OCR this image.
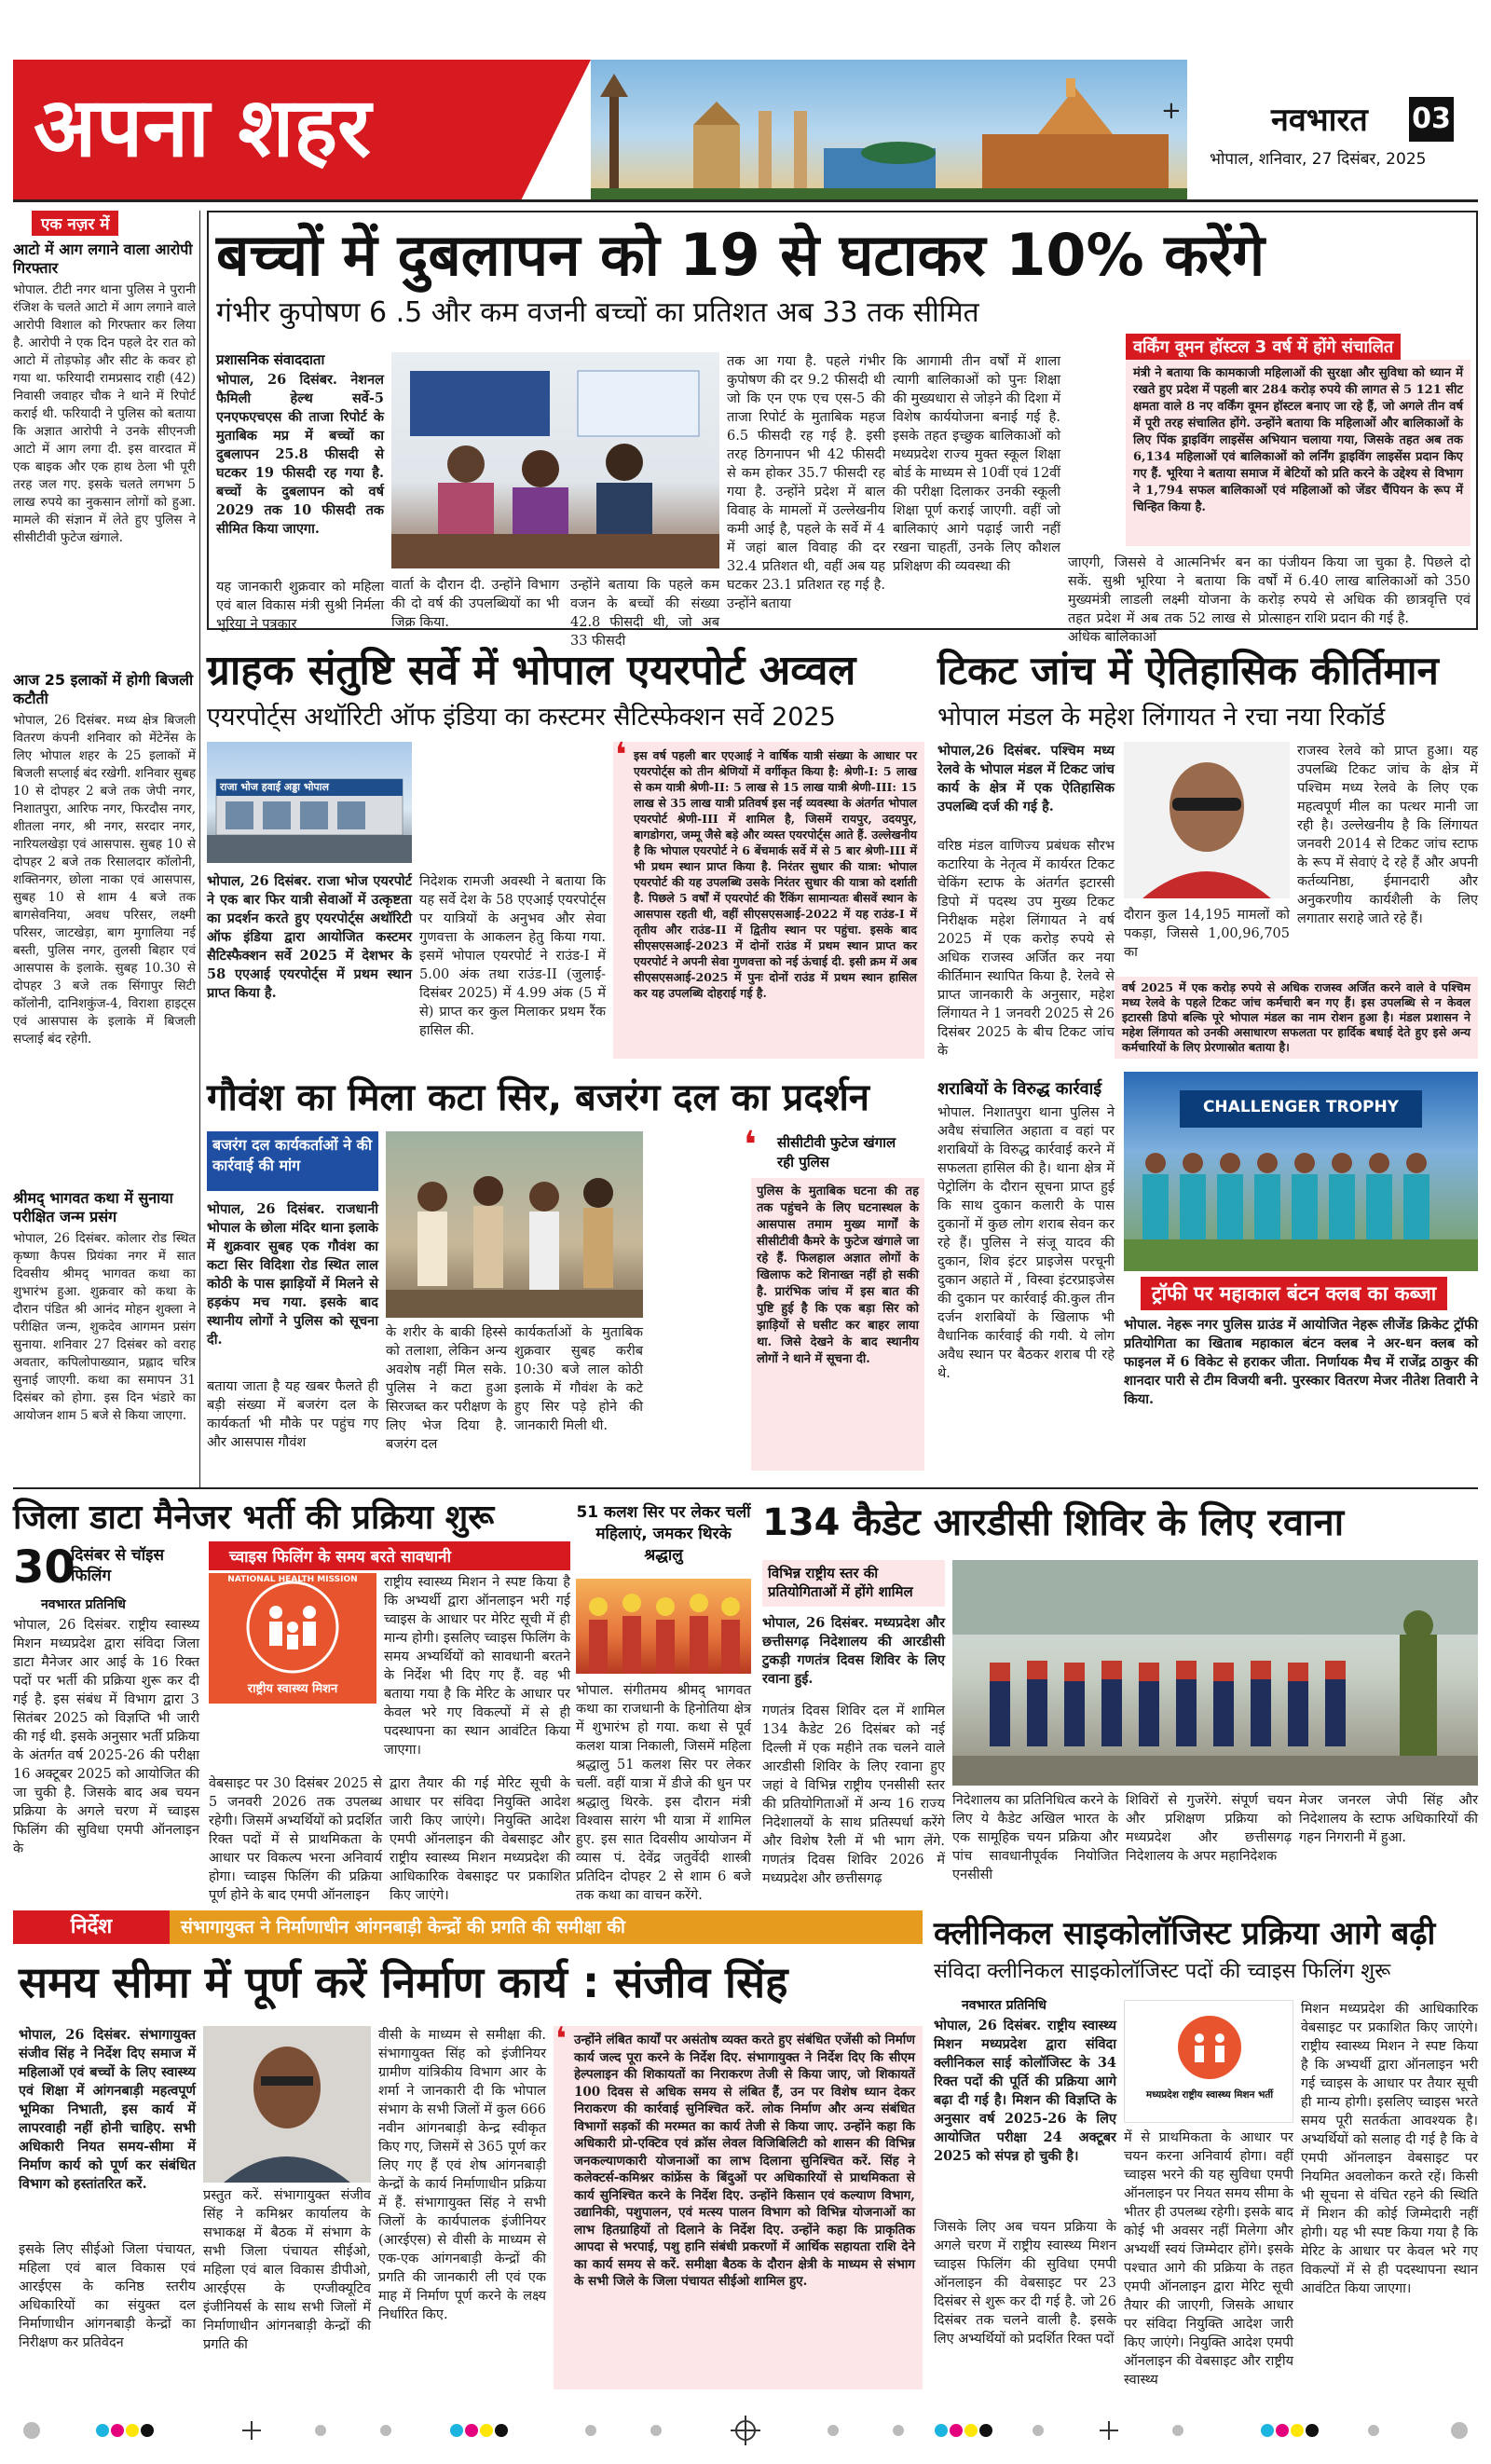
अपना शहर	+	नवभारत 03
भोपाल, शनिवार, 27 दिसंबर, 2025
एक नज़र में
आटो में आग लगाने वाला आरोपी गिरफ्तार
भोपाल. टीटी नगर थाना पुलिस ने पुरानी रंजिश के चलते आटो में आग लगाने वाले आरोपी विशाल को गिरफ्तार कर लिया है. आरोपी ने एक दिन पहले देर रात को आटो में तोड़फोड़ और सीट के कवर हो गया था. फरियादी रामप्रसाद राही (42) निवासी जवाहर चौक ने थाने में रिपोर्ट कराई थी. फरियादी ने पुलिस को बताया कि अज्ञात आरोपी ने उनके सीएनजी आटो में आग लगा दी. इस वारदात में एक बाइक और एक हाथ ठेला भी पूरी तरह जल गए. इसके चलते लगभग 5 लाख रुपये का नुकसान लोगों को हुआ. मामले की संज्ञान में लेते हुए पुलिस ने सीसीटीवी फुटेज खंगाले.
आज 25 इलाकों में होगी बिजली कटौती
भोपाल, 26 दिसंबर. मध्य क्षेत्र बिजली वितरण कंपनी शनिवार को मेंटेनेंस के लिए भोपाल शहर के 25 इलाकों में बिजली सप्लाई बंद रखेगी. शनिवार सुबह 10 से दोपहर 2 बजे तक जेपी नगर, निशातपुरा, आरिफ नगर, फिरदौस नगर, शीतला नगर, श्री नगर, सरदार नगर, नारियलखेड़ा एवं आसपास. सुबह 10 से दोपहर 2 बजे तक रिसालदार कॉलोनी, शक्तिनगर, छोला नाका एवं आसपास, सुबह 10 से शाम 4 बजे तक बागसेवनिया, अवध परिसर, लक्ष्मी परिसर, जाटखेड़ा, बाग मुगालिया नई बस्ती, पुलिस नगर, तुलसी बिहार एवं आसपास के इलाके. सुबह 10.30 से दोपहर 3 बजे तक सिंगापुर सिटी कॉलोनी, दानिशकुंज-4, विराशा हाइट्स एवं आसपास के इलाके में बिजली सप्लाई बंद रहेगी.
श्रीमद् भागवत कथा में सुनाया परीक्षित जन्म प्रसंग
भोपाल, 26 दिसंबर. कोलार रोड स्थित कृष्णा कैपस प्रियंका नगर में सात दिवसीय श्रीमद् भागवत कथा का शुभारंभ हुआ. शुक्रवार को कथा के दौरान पंडित श्री आनंद मोहन शुक्ला ने परीक्षित जन्म, शुकदेव आगमन प्रसंग सुनाया. शनिवार 27 दिसंबर को वराह अवतार, कपिलोपाख्यान, प्रह्लाद चरित्र सुनाई जाएगी. कथा का समापन 31 दिसंबर को होगा. इस दिन भंडारे का आयोजन शाम 5 बजे से किया जाएगा.
बच्चों में दुबलापन को 19 से घटाकर 10% करेंगे
गंभीर कुपोषण 6 .5 और कम वजनी बच्चों का प्रतिशत अब 33 तक सीमित
प्रशासनिक संवाददाता
भोपाल, 26 दिसंबर. नेशनल फैमिली हेल्थ सर्वे-5 एनएफएचएस की ताजा रिपोर्ट के मुताबिक मप्र में बच्चों का दुबलापन 25.8 फीसदी से घटकर 19 फीसदी रह गया है. बच्चों के दुबलापन को वर्ष 2029 तक 10 फीसदी तक सीमित किया जाएगा.
यह जानकारी शुक्रवार को महिला एवं बाल विकास मंत्री सुश्री निर्मला भूरिया ने पत्रकार
वार्ता के दौरान दी. उन्होंने विभाग की दो वर्ष की उपलब्धियों का भी जिक्र किया.
उन्होंने बताया कि पहले कम वजन के बच्चों की संख्या 42.8 फीसदी थी, जो अब 33 फीसदी
तक आ गया है. पहले गंभीर कुपोषण की दर 9.2 फीसदी थी जो कि एन एफ एच एस-5 की ताजा रिपोर्ट के मुताबिक महज 6.5 फीसदी रह गई है. इसी तरह ठिगनापन भी 42 फीसदी से कम होकर 35.7 फीसदी रह गया है. उन्होंने प्रदेश में बाल विवाह के मामलों में उल्लेखनीय कमी आई है, पहले के सर्वे में 4 में जहां बाल विवाह की दर 32.4 प्रतिशत थी, वहीं अब यह घटकर 23.1 प्रतिशत रह गई है. उन्होंने बताया
कि आगामी तीन वर्षों में शाला त्यागी बालिकाओं को पुनः शिक्षा की मुख्यधारा से जोड़ने की दिशा में विशेष कार्ययोजना बनाई गई है. इसके तहत इच्छुक बालिकाओं को मध्यप्रदेश राज्य मुक्त स्कूल शिक्षा बोर्ड के माध्यम से 10वीं एवं 12वीं की परीक्षा दिलाकर उनकी स्कूली शिक्षा पूर्ण कराई जाएगी. वहीं जो बालिकाएं आगे पढ़ाई जारी नहीं रखना चाहतीं, उनके लिए कौशल प्रशिक्षण की व्यवस्था की
वर्किंग वूमन हॉस्टल 3 वर्ष में होंगे संचालित
मंत्री ने बताया कि कामकाजी महिलाओं की सुरक्षा और सुविधा को ध्यान में रखते हुए प्रदेश में पहली बार 284 करोड़ रुपये की लागत से 5 121 सीट क्षमता वाले 8 नए वर्किंग वूमन हॉस्टल बनाए जा रहे हैं, जो अगले तीन वर्ष में पूरी तरह संचालित होंगे. उन्होंने बताया कि महिलाओं और बालिकाओं के लिए पिंक ड्राइविंग लाइसेंस अभियान चलाया गया, जिसके तहत अब तक 6,134 महिलाओं एवं बालिकाओं को लर्निंग ड्राइविंग लाइसेंस प्रदान किए गए हैं. भूरिया ने बताया समाज में बेटियों को प्रति करने के उद्देश्य से विभाग ने 1,794 सफल बालिकाओं एवं महिलाओं को जेंडर चैंपियन के रूप में चिन्हित किया है.
जाएगी, जिससे वे आत्मनिर्भर बन सकें. सुश्री भूरिया ने बताया कि मुख्यमंत्री लाडली लक्ष्मी योजना के तहत प्रदेश में अब तक 52 लाख से अधिक बालिकाओं
का पंजीयन किया जा चुका है. पिछले दो वर्षों में 6.40 लाख बालिकाओं को 350 करोड़ रुपये से अधिक की छात्रवृत्ति एवं प्रोत्साहन राशि प्रदान की गई है.
ग्राहक संतुष्टि सर्वे में भोपाल एयरपोर्ट अव्वल
एयरपोर्ट्स अथॉरिटी ऑफ इंडिया का कस्टमर सैटिस्फेक्शन सर्वे 2025
राजा भोज हवाई अड्डा भोपाल
भोपाल, 26 दिसंबर. राजा भोज एयरपोर्ट ने एक बार फिर यात्री सेवाओं में उत्कृष्टता का प्रदर्शन करते हुए एयरपोर्ट्स अथॉरिटी ऑफ इंडिया द्वारा आयोजित कस्टमर सैटिस्फैक्शन सर्वे 2025 में देशभर के 58 एएआई एयरपोर्ट्स में प्रथम स्थान प्राप्त किया है.
निदेशक रामजी अवस्थी ने बताया कि यह सर्वे देश के 58 एएआई एयरपोर्ट्स पर यात्रियों के अनुभव और सेवा गुणवत्ता के आकलन हेतु किया गया. इसमें भोपाल एयरपोर्ट ने राउंड-I में 5.00 अंक तथा राउंड-II (जुलाई-दिसंबर 2025) में 4.99 अंक (5 में से) प्राप्त कर कुल मिलाकर प्रथम रैंक हासिल की.
इस वर्ष पहली बार एएआई ने वार्षिक यात्री संख्या के आधार पर एयरपोर्ट्स को तीन श्रेणियों में वर्गीकृत किया है: श्रेणी-I: 5 लाख से कम यात्री श्रेणी-II: 5 लाख से 15 लाख यात्री श्रेणी-III: 15 लाख से 35 लाख यात्री प्रतिवर्ष इस नई व्यवस्था के अंतर्गत भोपाल एयरपोर्ट श्रेणी-III में शामिल है, जिसमें रायपुर, उदयपुर, बागडोगरा, जम्मू जैसे बड़े और व्यस्त एयरपोर्ट्स आते हैं. उल्लेखनीय है कि भोपाल एयरपोर्ट ने 6 बेंचमार्क सर्वे में से 5 बार श्रेणी-III में भी प्रथम स्थान प्राप्त किया है. निरंतर सुधार की यात्रा: भोपाल एयरपोर्ट की यह उपलब्धि उसके निरंतर सुधार की यात्रा को दर्शाती है. पिछले 5 वर्षों में एयरपोर्ट की रैंकिंग सामान्यतः बीसवें स्थान के आसपास रहती थी, वहीं सीएसएसआई-2022 में यह राउंड-I में तृतीय और राउंड-II में द्वितीय स्थान पर पहुंचा. इसके बाद सीएसएसआई-2023 में दोनों राउंड में प्रथम स्थान प्राप्त कर एयरपोर्ट ने अपनी सेवा गुणवत्ता को नई ऊंचाई दी. इसी क्रम में अब सीएसएसआई-2025 में पुनः दोनों राउंड में प्रथम स्थान हासिल कर यह उपलब्धि दोहराई गई है.
❛
टिकट जांच में ऐतिहासिक कीर्तिमान
भोपाल मंडल के महेश लिंगायत ने रचा नया रिकॉर्ड
भोपाल,26 दिसंबर. पश्चिम मध्य रेलवे के भोपाल मंडल में टिकट जांच कार्य के क्षेत्र में एक ऐतिहासिक उपलब्धि दर्ज की गई है.
वरिष्ठ मंडल वाणिज्य प्रबंधक सौरभ कटारिया के नेतृत्व में कार्यरत टिकट चेकिंग स्टाफ के अंतर्गत इटारसी डिपो में पदस्थ उप मुख्य टिकट निरीक्षक महेश लिंगायत ने वर्ष 2025 में एक करोड़ रुपये से अधिक राजस्व अर्जित कर नया कीर्तिमान स्थापित किया है. रेलवे से प्राप्त जानकारी के अनुसार, महेश लिंगायत ने 1 जनवरी 2025 से 26 दिसंबर 2025 के बीच टिकट जांच के
दौरान कुल 14,195 मामलों को पकड़ा, जिससे 1,00,96,705 का
राजस्व रेलवे को प्राप्त हुआ। यह उपलब्धि टिकट जांच के क्षेत्र में पश्चिम मध्य रेलवे के लिए एक महत्वपूर्ण मील का पत्थर मानी जा रही है। उल्लेखनीय है कि लिंगायत जनवरी 2014 से टिकट जांच स्टाफ के रूप में सेवाएं दे रहे हैं और अपनी कर्तव्यनिष्ठा, ईमानदारी और अनुकरणीय कार्यशैली के लिए लगातार सराहे जाते रहे हैं।
वर्ष 2025 में एक करोड़ रुपये से अधिक राजस्व अर्जित करने वाले वे पश्चिम मध्य रेलवे के पहले टिकट जांच कर्मचारी बन गए हैं। इस उपलब्धि से न केवल इटारसी डिपो बल्कि पूरे भोपाल मंडल का नाम रोशन हुआ है। मंडल प्रशासन ने महेश लिंगायत को उनकी असाधारण सफलता पर हार्दिक बधाई देते हुए इसे अन्य कर्मचारियों के लिए प्रेरणास्रोत बताया है।
गौवंश का मिला कटा सिर, बजरंग दल का प्रदर्शन
बजरंग दल कार्यकर्ताओं ने की कार्रवाई की मांग
भोपाल, 26 दिसंबर. राजधानी भोपाल के छोला मंदिर थाना इलाके में शुक्रवार सुबह एक गौवंश का कटा सिर विदिशा रोड स्थित लाल कोठी के पास झाड़ियों में मिलने से हड़कंप मच गया. इसके बाद स्थानीय लोगों ने पुलिस को सूचना दी.
बताया जाता है यह खबर फैलते ही बड़ी संख्या में बजरंग दल के कार्यकर्ता भी मौके पर पहुंच गए और आसपास गौवंश
के शरीर के बाकी हिस्से को तलाशा, लेकिन अन्य अवशेष नहीं मिल सके. पुलिस ने कटा हुआ सिरजब्त कर परीक्षण के लिए भेज दिया है. बजरंग दल
कार्यकर्ताओं के मुताबिक शुक्रवार सुबह करीब 10:30 बजे लाल कोठी इलाके में गौवंश के कटे हुए सिर पड़े होने की जानकारी मिली थी.
सीसीटीवी फुटेज खंगाल रही पुलिस
❛
पुलिस के मुताबिक घटना की तह तक पहुंचने के लिए घटनास्थल के आसपास तमाम मुख्य मार्गों के सीसीटीवी कैमरे के फुटेज खंगाले जा रहे हैं. फिलहाल अज्ञात लोगों के खिलाफ कटे शिनाख्त नहीं हो सकी है. प्रारंभिक जांच में इस बात की पुष्टि हुई है कि एक बड़ा सिर को झाड़ियों से घसीट कर बाहर लाया था. जिसे देखने के बाद स्थानीय लोगों ने थाने में सूचना दी.
शराबियों के विरुद्ध कार्रवाई
भोपाल. निशातपुरा थाना पुलिस ने अवैध संचालित अहाता व वहां पर शराबियों के विरुद्ध कार्रवाई करने में सफलता हासिल की है। थाना क्षेत्र में पेट्रोलिंग के दौरान सूचना प्राप्त हुई कि साथ दुकान कलारी के पास दुकानों में कुछ लोग शराब सेवन कर रहे हैं। पुलिस ने संजू यादव की दुकान, शिव इंटर प्राइजेस परचूनी दुकान अहाते में , विस्वा इंटरप्राइजेस की दुकान पर कार्रवाई की.कुल तीन दर्जन शराबियों के खिलाफ भी वैधानिक कार्रवाई की गयी. ये लोग अवैध स्थान पर बैठकर शराब पी रहे थे.
CHALLENGER TROPHY
ट्रॉफी पर महाकाल बंटन क्लब का कब्जा
भोपाल. नेहरू नगर पुलिस ग्राउंड में आयोजित नेहरू लीजेंड क्रिकेट ट्रॉफी प्रतियोगिता का खिताब महाकाल बंटन क्लब ने अर-धन क्लब को फाइनल में 6 विकेट से हराकर जीता. निर्णायक मैच में राजेंद्र ठाकुर की शानदार पारी से टीम विजयी बनी. पुरस्कार वितरण मेजर नीतेश तिवारी ने किया.
जिला डाटा मैनेजर भर्ती की प्रक्रिया शुरू
30
दिसंबर से चॉइस फिलिंग
नवभारत प्रतिनिधि
भोपाल, 26 दिसंबर. राष्ट्रीय स्वास्थ्य मिशन मध्यप्रदेश द्वारा संविदा जिला डाटा मैनेजर आर आई के 16 रिक्त पदों पर भर्ती की प्रक्रिया शुरू कर दी गई है. इस संबंध में विभाग द्वारा 3 सितंबर 2025 को विज्ञप्ति भी जारी की गई थी. इसके अनुसार भर्ती प्रक्रिया के अंतर्गत वर्ष 2025-26 की परीक्षा 16 अक्टूबर 2025 को आयोजित की जा चुकी है. जिसके बाद अब चयन प्रक्रिया के अगले चरण में च्वाइस फिलिंग की सुविधा एमपी ऑनलाइन के
च्वाइस फिलिंग के समय बरते सावधानी
NATIONAL HEALTH MISSION
राष्ट्रीय स्वास्थ्य मिशन
राष्ट्रीय स्वास्थ्य मिशन ने स्पष्ट किया है कि अभ्यर्थी द्वारा ऑनलाइन भरी गई च्वाइस के आधार पर मेरिट सूची में ही मान्य होगी। इसलिए च्वाइस फिलिंग के समय अभ्यर्थियों को सावधानी बरतने के निर्देश भी दिए गए हैं. वह भी बताया गया है कि मेरिट के आधार पर केवल भरे गए विकल्पों में से ही पदस्थापना का स्थान आवंटित किया जाएगा।
वेबसाइट पर 30 दिसंबर 2025 से 5 जनवरी 2026 तक उपलब्ध रहेगी। जिसमें अभ्यर्थियों को प्रदर्शित रिक्त पदों में से प्राथमिकता के आधार पर विकल्प भरना अनिवार्य होगा। च्वाइस फिलिंग की प्रक्रिया पूर्ण होने के बाद एमपी ऑनलाइन
द्वारा तैयार की गई मेरिट सूची के आधार पर संविदा नियुक्ति आदेश जारी किए जाएंगे। नियुक्ति आदेश एमपी ऑनलाइन की वेबसाइट और राष्ट्रीय स्वास्थ्य मिशन मध्यप्रदेश की आधिकारिक वेबसाइट पर प्रकाशित किए जाएंगे।
51 कलश सिर पर लेकर चलीं महिलाएं, जमकर थिरके श्रद्धालु
भोपाल. संगीतमय श्रीमद् भागवत कथा का राजधानी के हिनोतिया क्षेत्र में शुभारंभ हो गया. कथा से पूर्व कलश यात्रा निकाली, जिसमें महिला श्रद्धालु 51 कलश सिर पर लेकर चलीं. वहीं यात्रा में डीजे की धुन पर श्रद्धालु थिरके. इस दौरान मंत्री विश्वास सारंग भी यात्रा में शामिल हुए. इस सात दिवसीय आयोजन में व्यास पं. देवेंद्र जतुर्वेदी शास्त्री प्रतिदिन दोपहर 2 से शाम 6 बजे तक कथा का वाचन करेंगे.
134 कैडेट आरडीसी शिविर के लिए रवाना
विभिन्न राष्ट्रीय स्तर की प्रतियोगिताओं में होंगे शामिल
भोपाल, 26 दिसंबर. मध्यप्रदेश और छत्तीसगढ़ निदेशालय की आरडीसी टुकड़ी गणतंत्र दिवस शिविर के लिए रवाना हुई.
गणतंत्र दिवस शिविर दल में शामिल 134 कैडेट 26 दिसंबर को नई दिल्ली में एक महीने तक चलने वाले आरडीसी शिविर के लिए रवाना हुए जहां वे विभिन्न राष्ट्रीय एनसीसी स्तर की प्रतियोगिताओं में अन्य 16 राज्य निदेशालयों के साथ प्रतिस्पर्धा करेंगे और विशेष रैली में भी भाग लेंगे. गणतंत्र दिवस शिविर 2026 में मध्यप्रदेश और छत्तीसगढ़
निदेशालय का प्रतिनिधित्व करने के लिए ये कैडेट अखिल भारत के एक सामूहिक चयन प्रक्रिया और पांच सावधानीपूर्वक नियोजित एनसीसी
शिविरों से गुजरेंगे. संपूर्ण चयन और प्रशिक्षण प्रक्रिया को मध्यप्रदेश और छत्तीसगढ़ निदेशालय के अपर महानिदेशक
मेजर जनरल जेपी सिंह और निदेशालय के स्टाफ अधिकारियों की गहन निगरानी में हुआ.
निर्देश	संभागायुक्त ने निर्माणाधीन आंगनबाड़ी केन्द्रों की प्रगति की समीक्षा की
समय सीमा में पूर्ण करें निर्माण कार्य : संजीव सिंह
भोपाल, 26 दिसंबर. संभागायुक्त संजीव सिंह ने निर्देश दिए समाज में महिलाओं एवं बच्चों के लिए स्वास्थ्य एवं शिक्षा में आंगनबाड़ी महत्वपूर्ण भूमिका निभाती, इस कार्य में लापरवाही नहीं होनी चाहिए. सभी अधिकारी नियत समय-सीमा में निर्माण कार्य को पूर्ण कर संबंधित विभाग को हस्तांतरित करें.
इसके लिए सीईओ जिला पंचायत, महिला एवं बाल विकास एवं आरईएस के कनिष्ठ स्तरीय अधिकारियों का संयुक्त दल निर्माणाधीन आंगनबाड़ी केन्द्रों का निरीक्षण कर प्रतिवेदन
प्रस्तुत करें. संभागायुक्त संजीव सिंह ने कमिश्नर कार्यालय के सभाकक्ष में बैठक में संभाग के सभी जिला पंचायत सीईओ, महिला एवं बाल विकास डीपीओ, आरईएस के एग्जीक्यूटिव इंजीनियर्स के साथ सभी जिलों में निर्माणाधीन आंगनबाड़ी केन्द्रों की प्रगति की
वीसी के माध्यम से समीक्षा की. संभागायुक्त सिंह को इंजीनियर ग्रामीण यांत्रिकीय विभाग आर के शर्मा ने जानकारी दी कि भोपाल संभाग के सभी जिलों में कुल 666 नवीन आंगनबाड़ी केन्द्र स्वीकृत किए गए, जिसमें से 365 पूर्ण कर लिए गए हैं एवं शेष आंगनबाड़ी केन्द्रों के कार्य निर्माणाधीन प्रक्रिया में हैं. संभागायुक्त सिंह ने सभी जिलों के कार्यपालक इंजीनियर (आरईएस) से वीसी के माध्यम से एक-एक आंगनबाड़ी केन्द्रों की प्रगति की जानकारी ली एवं एक माह में निर्माण पूर्ण करने के लक्ष्य निर्धारित किए.
उन्होंने लंबित कार्यों पर असंतोष व्यक्त करते हुए संबंधित एजेंसी को निर्माण कार्य जल्द पूरा करने के निर्देश दिए. संभागायुक्त ने निर्देश दिए कि सीएम हेल्पलाइन की शिकायतों का निराकरण तेजी से किया जाए, जो शिकायतें 100 दिवस से अधिक समय से लंबित हैं, उन पर विशेष ध्यान देकर निराकरण की कार्रवाई सुनिश्चित करें. लोक निर्माण और अन्य संबंधित विभागों सड़कों की मरम्मत का कार्य तेजी से किया जाए. उन्होंने कहा कि अधिकारी प्रो-एक्टिव एवं क्रॉस लेवल विजिबिलिटी को शासन की विभिन्न जनकल्याणकारी योजनाओं का लाभ दिलाना सुनिश्चित करें. सिंह ने कलेक्टर्स-कमिश्नर कांफ्रेंस के बिंदुओं पर अधिकारियों से प्राथमिकता से कार्य सुनिश्चित करने के निर्देश दिए. उन्होंने किसान एवं कल्याण विभाग, उद्यानिकी, पशुपालन, एवं मत्स्य पालन विभाग को विभिन्न योजनाओं का लाभ हितग्राहियों तो दिलाने के निर्देश दिए. उन्होंने कहा कि प्राकृतिक आपदा से भरपाई, पशु हानि संबंधी प्रकरणों में आर्थिक सहायता राशि देने का कार्य समय से करें. समीक्षा बैठक के दौरान क्षेत्री के माध्यम से संभाग के सभी जिले के जिला पंचायत सीईओ शामिल हुए.
❛
क्लीनिकल साइकोलॉजिस्ट प्रक्रिया आगे बढ़ी
संविदा क्लीनिकल साइकोलॉजिस्ट पदों की च्वाइस फिलिंग शुरू
नवभारत प्रतिनिधि
भोपाल, 26 दिसंबर. राष्ट्रीय स्वास्थ्य मिशन मध्यप्रदेश द्वारा संविदा क्लीनिकल साई कोलॉजिस्ट के 34 रिक्त पदों की पूर्ति की प्रक्रिया आगे बढ़ा दी गई है। मिशन की विज्ञप्ति के अनुसार वर्ष 2025-26 के लिए आयोजित परीक्षा 24 अक्टूबर 2025 को संपन्न हो चुकी है।
जिसके लिए अब चयन प्रक्रिया के अगले चरण में राष्ट्रीय स्वास्थ्य मिशन च्वाइस फिलिंग की सुविधा एमपी ऑनलाइन की वेबसाइट पर 23 दिसंबर से शुरू कर दी गई है. जो 26 दिसंबर तक चलने वाली है. इसके लिए अभ्यर्थियों को प्रदर्शित रिक्त पदों
मध्यप्रदेश राष्ट्रीय स्वास्थ्य मिशन भर्ती
में से प्राथमिकता के आधार पर चयन करना अनिवार्य होगा। वहीं च्वाइस भरने की यह सुविधा एमपी ऑनलाइन पर नियत समय सीमा के भीतर ही उपलब्ध रहेगी। इसके बाद कोई भी अवसर नहीं मिलेगा और अभ्यर्थी स्वयं जिम्मेदार होंगे। इसके पश्चात आगे की प्रक्रिया के तहत एमपी ऑनलाइन द्वारा मेरिट सूची तैयार की जाएगी, जिसके आधार पर संविदा नियुक्ति आदेश जारी किए जाएंगे। नियुक्ति आदेश एमपी ऑनलाइन की वेबसाइट और राष्ट्रीय स्वास्थ्य
मिशन मध्यप्रदेश की आधिकारिक वेबसाइट पर प्रकाशित किए जाएंगे। राष्ट्रीय स्वास्थ्य मिशन ने स्पष्ट किया है कि अभ्यर्थी द्वारा ऑनलाइन भरी गई च्वाइस के आधार पर तैयार सूची ही मान्य होगी। इसलिए च्वाइस भरते समय पूरी सतर्कता आवश्यक है। अभ्यर्थियों को सलाह दी गई है कि वे एमपी ऑनलाइन वेबसाइट पर नियमित अवलोकन करते रहें। किसी भी सूचना से वंचित रहने की स्थिति में मिशन की कोई जिम्मेदारी नहीं होगी। यह भी स्पष्ट किया गया है कि मेरिट के आधार पर केवल भरे गए विकल्पों में से ही पदस्थापना स्थान आवंटित किया जाएगा।
